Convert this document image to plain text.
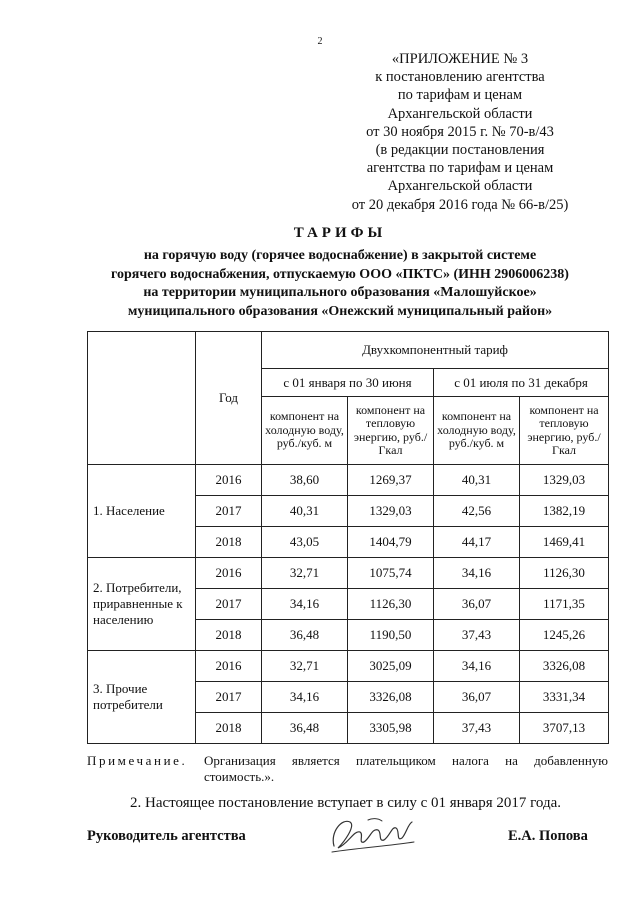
2
«ПРИЛОЖЕНИЕ № 3
к постановлению агентства
по тарифам и ценам
Архангельской области
от 30 ноября 2015 г. № 70-в/43
(в редакции постановления
агентства по тарифам и ценам
Архангельской области
от 20 декабря 2016 года № 66-в/25)
ТАРИФЫ
на горячую воду (горячее водоснабжение) в закрытой системе
горячего водоснабжения, отпускаемую ООО «ПКТС» (ИНН 2906006238)
на территории муниципального образования «Малошуйское»
муниципального образования «Онежский муниципальный район»
	Год	Двухкомпонентный тариф			
		с 01 января по 30 июня		с 01 июля по 31 декабря	
		компонент на холодную воду, руб./куб. м	компонент на тепловую энергию, руб./Гкал	компонент на холодную воду, руб./куб. м	компонент на тепловую энергию, руб./Гкал
1. Население	2016	38,60	1269,37	40,31	1329,03
	2017	40,31	1329,03	42,56	1382,19
	2018	43,05	1404,79	44,17	1469,41
2. Потребители, приравненные к населению	2016	32,71	1075,74	34,16	1126,30
	2017	34,16	1126,30	36,07	1171,35
	2018	36,48	1190,50	37,43	1245,26
3. Прочие потребители	2016	32,71	3025,09	34,16	3326,08
	2017	34,16	3326,08	36,07	3331,34
	2018	36,48	3305,98	37,43	3707,13
Примечание. Организация является плательщиком налога на добавленную
стоимость.».
2. Настоящее постановление вступает в силу с 01 января 2017 года.
Руководитель агентства	Е.А. Попова
